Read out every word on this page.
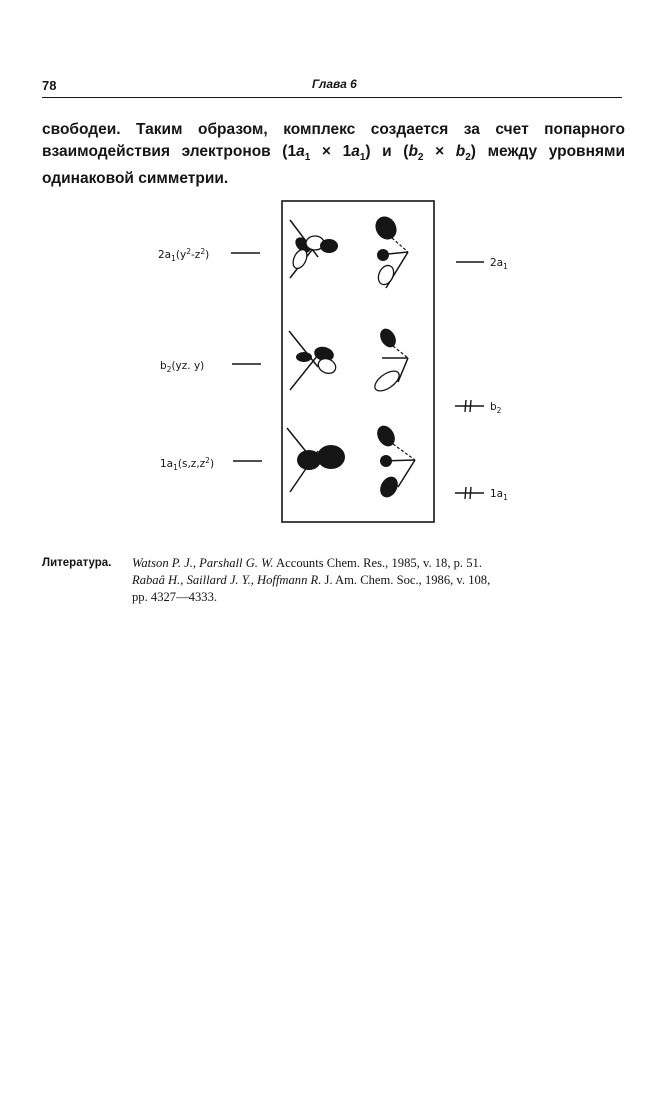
78	Глава 6
свободеи. Таким образом, комплекс создается за счет попарного
взаимодействия электронов $(1a_1 \times 1a_1)$ и $(b_2 \times b_2)$ между уровнями
одинаковой симметрии.
$2a_1(y^2-z^2)$
$b_2(yz$. y)
$1a_1(s,z,z^2)$
$2a_1$
$b_2$
$1a_1$
Литература. Watson P. J., Parshall G. W. Accounts Chem. Res., 1985, v. 18, p. 51.
Rabaâ H., Saillard J. Y., Hoffmann R. J. Am. Chem. Soc., 1986, v. 108,
pp. 4327—4333.
